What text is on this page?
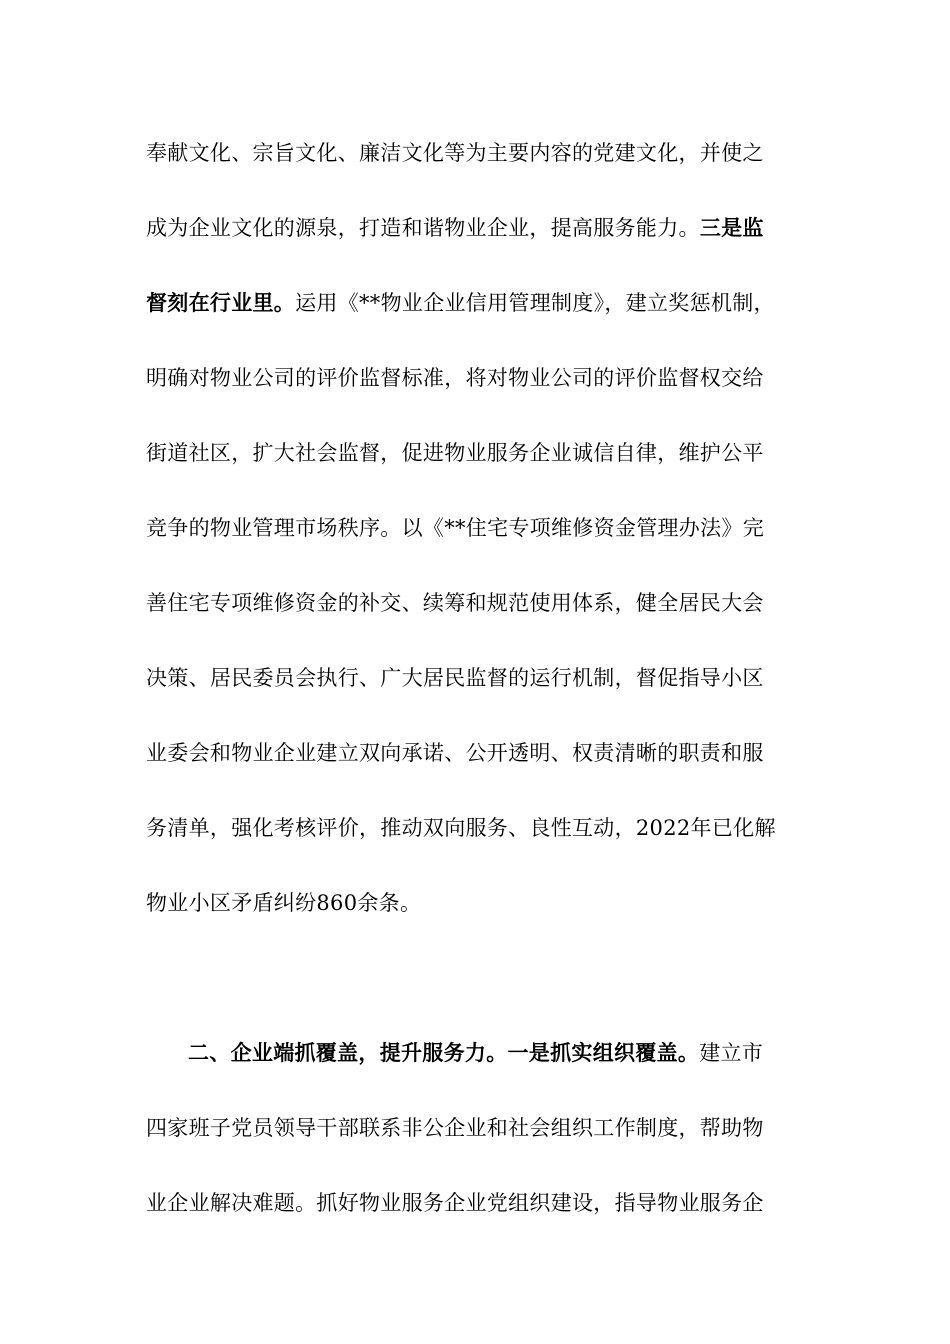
奉献文化、宗旨文化、廉洁文化等为主要内容的党建文化，并使之
成为企业文化的源泉，打造和谐物业企业，提高服务能力。三是监
督刻在行业里。运用《**物业企业信用管理制度》，建立奖惩机制，
明确对物业公司的评价监督标准，将对物业公司的评价监督权交给
街道社区，扩大社会监督，促进物业服务企业诚信自律，维护公平
竞争的物业管理市场秩序。以《**住宅专项维修资金管理办法》完
善住宅专项维修资金的补交、续筹和规范使用体系，健全居民大会
决策、居民委员会执行、广大居民监督的运行机制，督促指导小区
业委会和物业企业建立双向承诺、公开透明、权责清晰的职责和服
务清单，强化考核评价，推动双向服务、良性互动，2022年已化解
物业小区矛盾纠纷860余条。
二、企业端抓覆盖，提升服务力。一是抓实组织覆盖。建立市
四家班子党员领导干部联系非公企业和社会组织工作制度，帮助物
业企业解决难题。抓好物业服务企业党组织建设，指导物业服务企
